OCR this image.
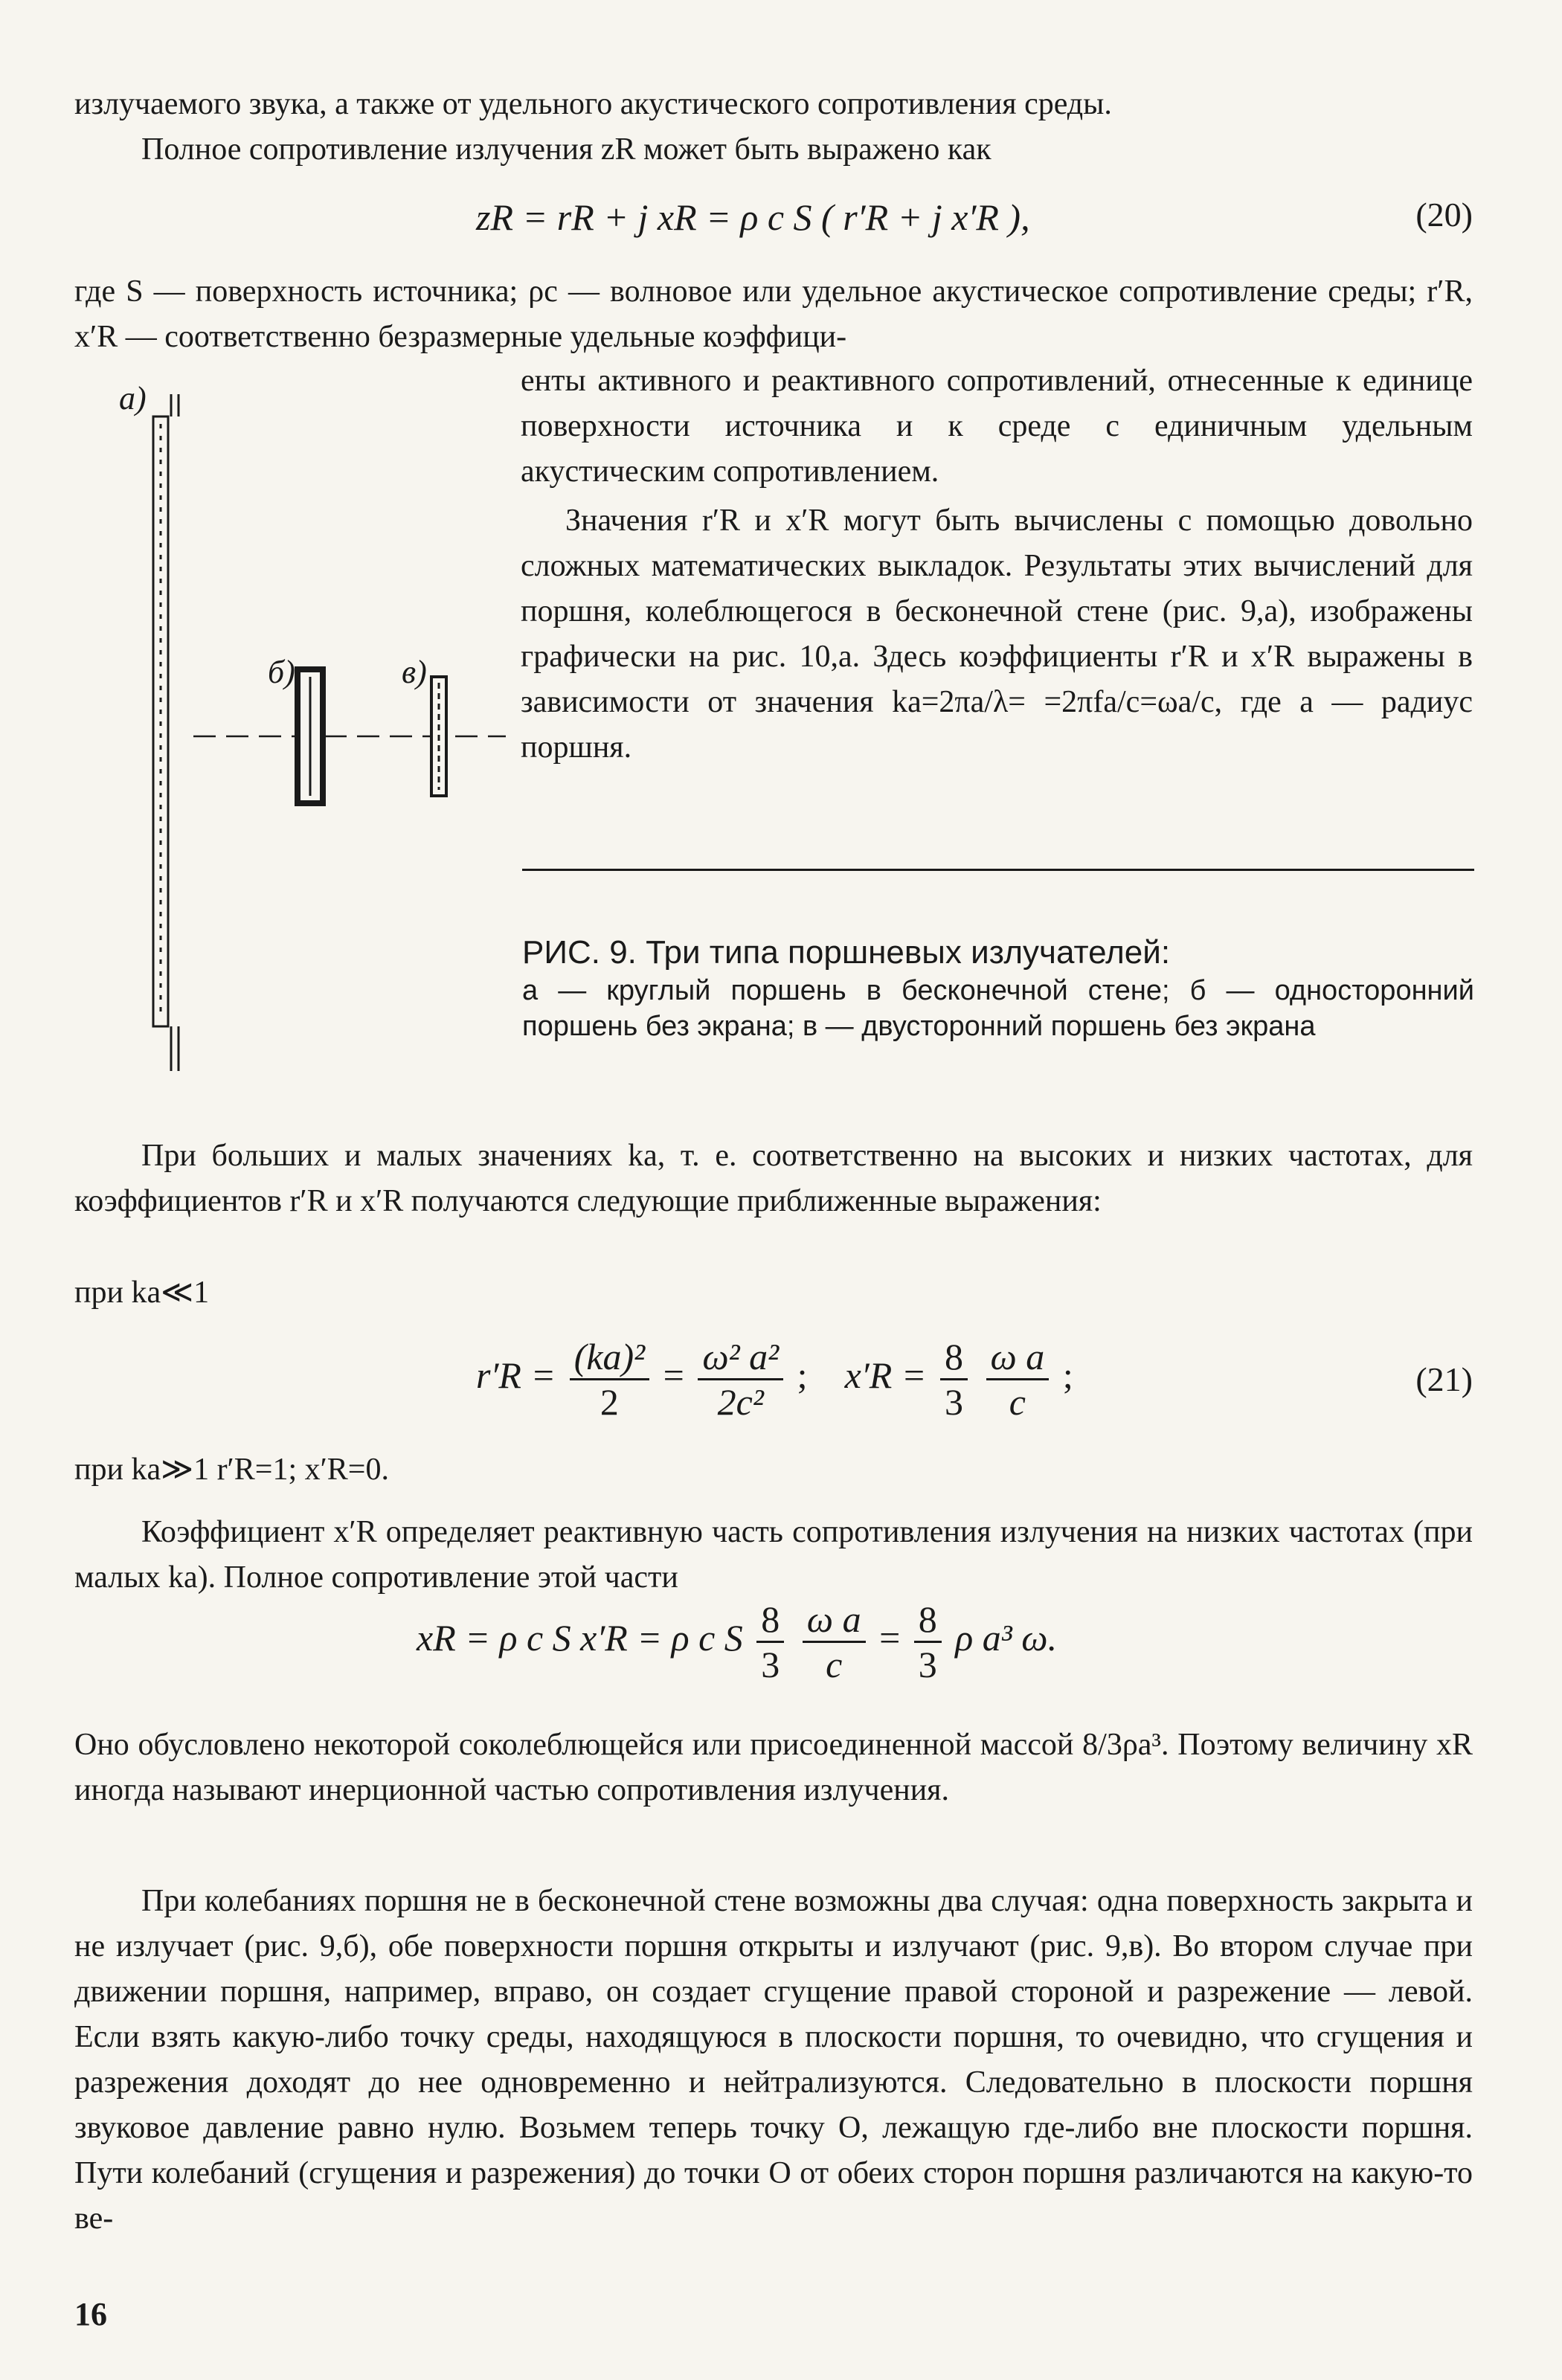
излучаемого звука, а также от удельного акустического сопротивления среды.

Полное сопротивление излучения zR может быть выражено как

zR = rR + j xR = ρ c S ( r′R + j x′R ),	(20)

где S — поверхность источника; ρc — волновое или удельное акустическое сопротивление среды; r′R, x′R — соответственно безразмерные удельные коэффици-

а)
б)	в)

енты активного и реактивного сопротивлений, отнесенные к единице поверхности источника и к среде с единичным удельным акустическим сопротивлением.

Значения r′R и x′R могут быть вычислены с помощью довольно сложных математических выкладок. Результаты этих вычислений для поршня, колеблющегося в бесконечной стене (рис. 9,а), изображены графически на рис. 10,а. Здесь коэффициенты r′R и x′R выражены в зависимости от значения ka=2πa/λ= =2πfa/c=ωa/c, где a — радиус поршня.

РИС. 9. Три типа поршневых излучателей:
а — круглый поршень в бесконечной стене; б — односторонний поршень без экрана; в — двусторонний поршень без экрана

При больших и малых значениях ka, т. е. соответственно на высоких и низких частотах, для коэффициентов r′R и x′R получаются следующие приближенные выражения:

при ka≪1

$r'R = \frac{\text{(ka)²}}{2} = \frac{\text{ω² a²}}{\text{2c²}}$ ; $x'R = \frac{8}{3}$
$\frac{\text{ω a}}{c}$ ;	(21)

при ka≫1 r′R=1; x′R=0.

Коэффициент x′R определяет реактивную часть сопротивления излучения на низких частотах (при малых ka). Полное сопротивление этой части

xR = ρ c S x′R = ρ c S $\frac{8}{3}$
$\frac{\text{ω a}}{c} = \frac{8}{3}$ ρ a³ ω.

Оно обусловлено некоторой соколеблющейся или присоединенной массой 8/3ρa³. Поэтому величину xR иногда называют инерционной частью сопротивления излучения.

При колебаниях поршня не в бесконечной стене возможны два случая: одна поверхность закрыта и не излучает (рис. 9,б), обе поверхности поршня открыты и излучают (рис. 9,в). Во втором случае при движении поршня, например, вправо, он создает сгущение правой стороной и разрежение — левой. Если взять какую-либо точку среды, находящуюся в плоскости поршня, то очевидно, что сгущения и разрежения доходят до нее одновременно и нейтрализуются. Следовательно в плоскости поршня звуковое давление равно нулю. Возьмем теперь точку O, лежащую где-либо вне плоскости поршня. Пути колебаний (сгущения и разрежения) до точки O от обеих сторон поршня различаются на какую-то ве-

16
